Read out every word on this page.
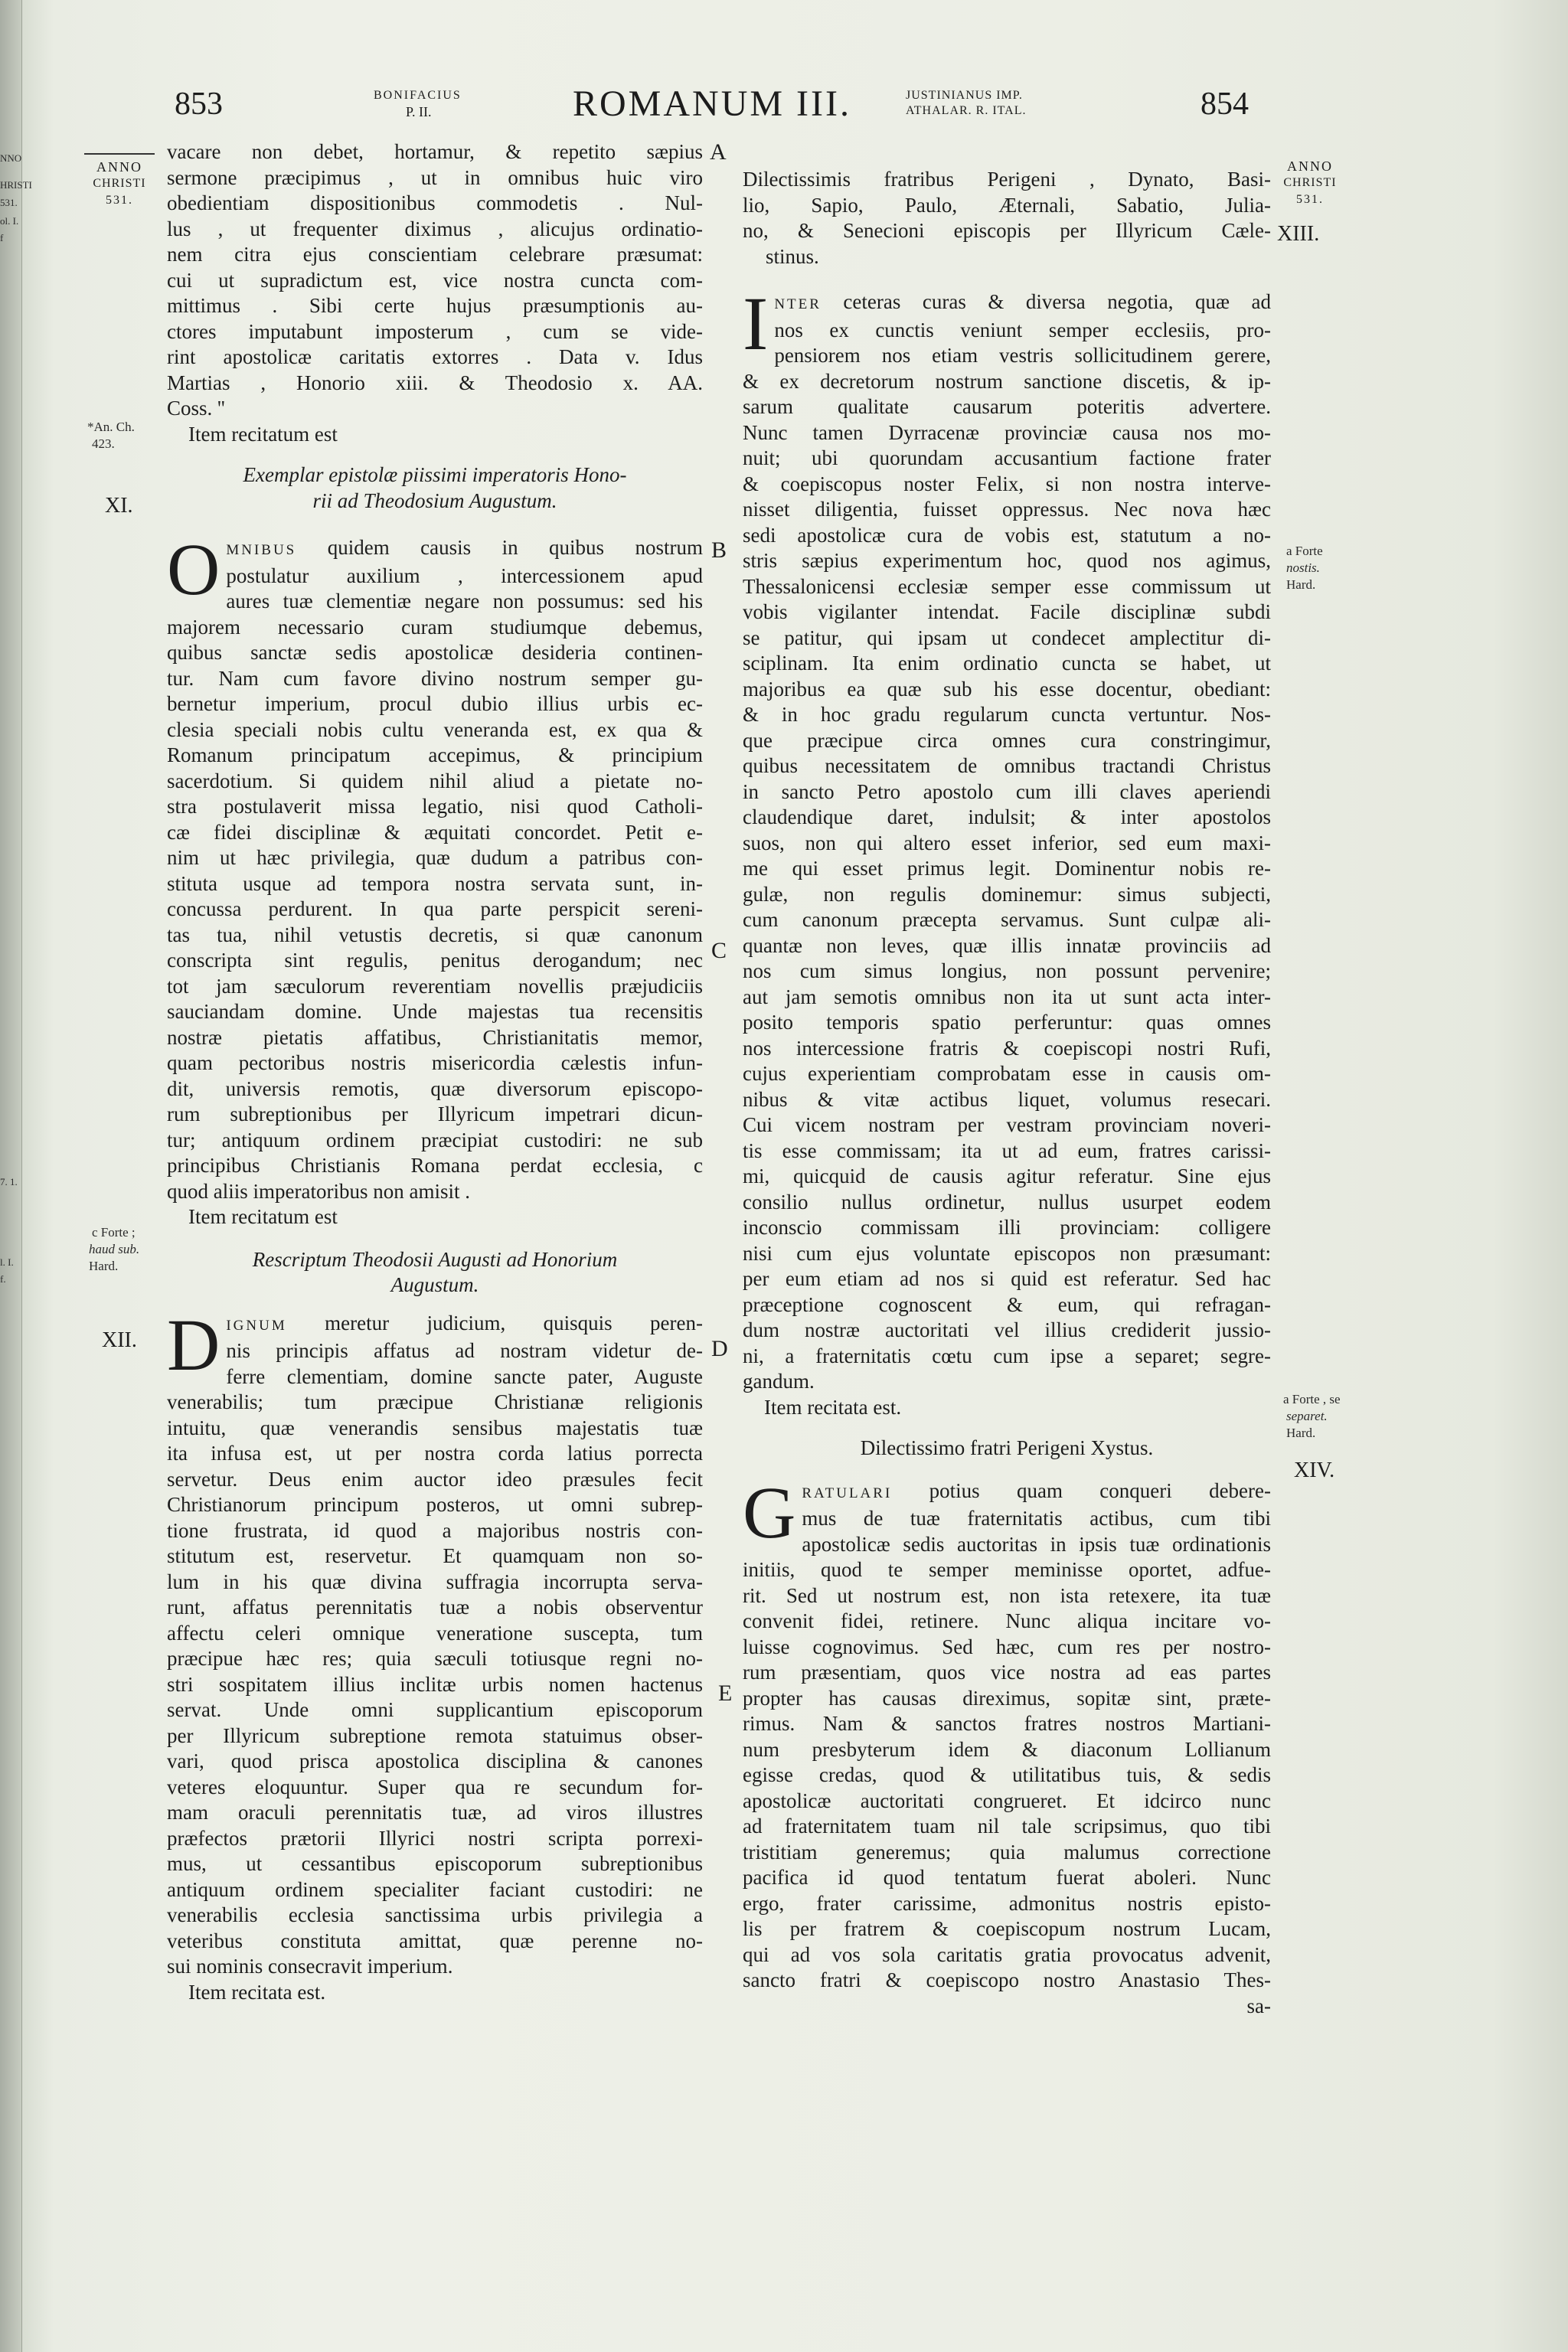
NNO
HRISTI
531.
ol. I.
f
7. 1.
l. I.
f.
853	BONIFACIUS
P. II.	ROMANUM III.	JUSTINIANUS IMP.
ATHALAR. R. ITAL.	854
ANNO
CHRISTI
531.
*An. Ch.
423.
XI.
c Forte ;
haud sub.
Hard.
XII.
ANNO
CHRISTI
531.
XIII.
a Forte
nostis.
Hard.
a Forte , se
separet.
Hard.
XIV.
A
B
C
D
E
vacare non debet, hortamur, & repetito sæpius
sermone præcipimus , ut in omnibus huic viro
obedientiam dispositionibus commodetis . Nul-
lus , ut frequenter diximus , alicujus ordinatio-
nem citra ejus conscientiam celebrare præsumat:
cui ut supradictum est, vice nostra cuncta com-
mittimus . Sibi certe hujus præsumptionis au-
ctores imputabunt imposterum , cum se vide-
rint apostolicæ caritatis extorres . Data v. Idus
Martias , Honorio xiii. & Theodosio x. AA.
Coss. ''
Item recitatum est
Exemplar epistolæ piissimi imperatoris Hono-
rii ad Theodosium Augustum.
O MNIBUS quidem causis in quibus nostrum
postulatur auxilium , intercessionem apud
aures tuæ clementiæ negare non possumus: sed his
majorem necessario curam studiumque debemus,
quibus sanctæ sedis apostolicæ desideria continen-
tur. Nam cum favore divino nostrum semper gu-
bernetur imperium, procul dubio illius urbis ec-
clesia speciali nobis cultu veneranda est, ex qua &
Romanum principatum accepimus, & principium
sacerdotium. Si quidem nihil aliud a pietate no-
stra postulaverit missa legatio, nisi quod Catholi-
cæ fidei disciplinæ & æquitati concordet. Petit e-
nim ut hæc privilegia, quæ dudum a patribus con-
stituta usque ad tempora nostra servata sunt, in-
concussa perdurent. In qua parte perspicit sereni-
tas tua, nihil vetustis decretis, si quæ canonum
conscripta sint regulis, penitus derogandum; nec
tot jam sæculorum reverentiam novellis præjudiciis
sauciandam domine. Unde majestas tua recensitis
nostræ pietatis affatibus, Christianitatis memor,
quam pectoribus nostris misericordia cælestis infun-
dit, universis remotis, quæ diversorum episcopo-
rum subreptionibus per Illyricum impetrari dicun-
tur; antiquum ordinem præcipiat custodiri: ne sub
principibus Christianis Romana perdat ecclesia, c
quod aliis imperatoribus non amisit .
Item recitatum est
Rescriptum Theodosii Augusti ad Honorium
Augustum.
D IGNUM meretur judicium, quisquis peren-
nis principis affatus ad nostram videtur de-
ferre clementiam, domine sancte pater, Auguste
venerabilis; tum præcipue Christianæ religionis
intuitu, quæ venerandis sensibus majestatis tuæ
ita infusa est, ut per nostra corda latius porrecta
servetur. Deus enim auctor ideo præsules fecit
Christianorum principum posteros, ut omni subrep-
tione frustrata, id quod a majoribus nostris con-
stitutum est, reservetur. Et quamquam non so-
lum in his quæ divina suffragia incorrupta serva-
runt, affatus perennitatis tuæ a nobis observentur
affectu celeri omnique veneratione suscepta, tum
præcipue hæc res; quia sæculi totiusque regni no-
stri sospitatem illius inclitæ urbis nomen hactenus
servat. Unde omni supplicantium episcoporum
per Illyricum subreptione remota statuimus obser-
vari, quod prisca apostolica disciplina & canones
veteres eloquuntur. Super qua re secundum for-
mam oraculi perennitatis tuæ, ad viros illustres
præfectos prætorii Illyrici nostri scripta porrexi-
mus, ut cessantibus episcoporum subreptionibus
antiquum ordinem specialiter faciant custodiri: ne
venerabilis ecclesia sanctissima urbis privilegia a
veteribus constituta amittat, quæ perenne no-
sui nominis consecravit imperium.
Item recitata est.
Dilectissimis fratribus Perigeni , Dynato, Basi-
lio, Sapio, Paulo, Æternali, Sabatio, Julia-
no, & Senecioni episcopis per Illyricum Cæle-
stinus.
I NTER ceteras curas & diversa negotia, quæ ad
nos ex cunctis veniunt semper ecclesiis, pro-
pensiorem nos etiam vestris sollicitudinem gerere,
& ex decretorum nostrum sanctione discetis, & ip-
sarum qualitate causarum poteritis advertere.
Nunc tamen Dyrracenæ provinciæ causa nos mo-
nuit; ubi quorundam accusantium factione frater
& coepiscopus noster Felix, si non nostra interve-
nisset diligentia, fuisset oppressus. Nec nova hæc
sedi apostolicæ cura de vobis est, statutum a no-
stris sæpius experimentum hoc, quod nos agimus,
Thessalonicensi ecclesiæ semper esse commissum ut
vobis vigilanter intendat. Facile disciplinæ subdi
se patitur, qui ipsam ut condecet amplectitur di-
sciplinam. Ita enim ordinatio cuncta se habet, ut
majoribus ea quæ sub his esse docentur, obediant:
& in hoc gradu regularum cuncta vertuntur. Nos-
que præcipue circa omnes cura constringimur,
quibus necessitatem de omnibus tractandi Christus
in sancto Petro apostolo cum illi claves aperiendi
claudendique daret, indulsit; & inter apostolos
suos, non qui altero esset inferior, sed eum maxi-
me qui esset primus legit. Dominentur nobis re-
gulæ, non regulis dominemur: simus subjecti,
cum canonum præcepta servamus. Sunt culpæ ali-
quantæ non leves, quæ illis innatæ provinciis ad
nos cum simus longius, non possunt pervenire;
aut jam semotis omnibus non ita ut sunt acta inter-
posito temporis spatio perferuntur: quas omnes
nos intercessione fratris & coepiscopi nostri Rufi,
cujus experientiam comprobatam esse in causis om-
nibus & vitæ actibus liquet, volumus resecari.
Cui vicem nostram per vestram provinciam noveri-
tis esse commissam; ita ut ad eum, fratres carissi-
mi, quicquid de causis agitur referatur. Sine ejus
consilio nullus ordinetur, nullus usurpet eodem
inconscio commissam illi provinciam: colligere
nisi cum ejus voluntate episcopos non præsumant:
per eum etiam ad nos si quid est referatur. Sed hac
præceptione cognoscent & eum, qui refragan-
dum nostræ auctoritati vel illius crediderit jussio-
ni, a fraternitatis cœtu cum ipse a separet; segre-
gandum.
Item recitata est.
Dilectissimo fratri Perigeni Xystus.
G RATULARI potius quam conqueri debere-
mus de tuæ fraternitatis actibus, cum tibi
apostolicæ sedis auctoritas in ipsis tuæ ordinationis
initiis, quod te semper meminisse oportet, adfue-
rit. Sed ut nostrum est, non ista retexere, ita tuæ
convenit fidei, retinere. Nunc aliqua incitare vo-
luisse cognovimus. Sed hæc, cum res per nostro-
rum præsentiam, quos vice nostra ad eas partes
propter has causas direximus, sopitæ sint, præte-
rimus. Nam & sanctos fratres nostros Martiani-
num presbyterum idem & diaconum Lollianum
egisse credas, quod & utilitatibus tuis, & sedis
apostolicæ auctoritati congrueret. Et idcirco nunc
ad fraternitatem tuam nil tale scripsimus, quo tibi
tristitiam generemus; quia malumus correctione
pacifica id quod tentatum fuerat aboleri. Nunc
ergo, frater carissime, admonitus nostris episto-
lis per fratrem & coepiscopum nostrum Lucam,
qui ad vos sola caritatis gratia provocatus advenit,
sancto fratri & coepiscopo nostro Anastasio Thes-
sa-
